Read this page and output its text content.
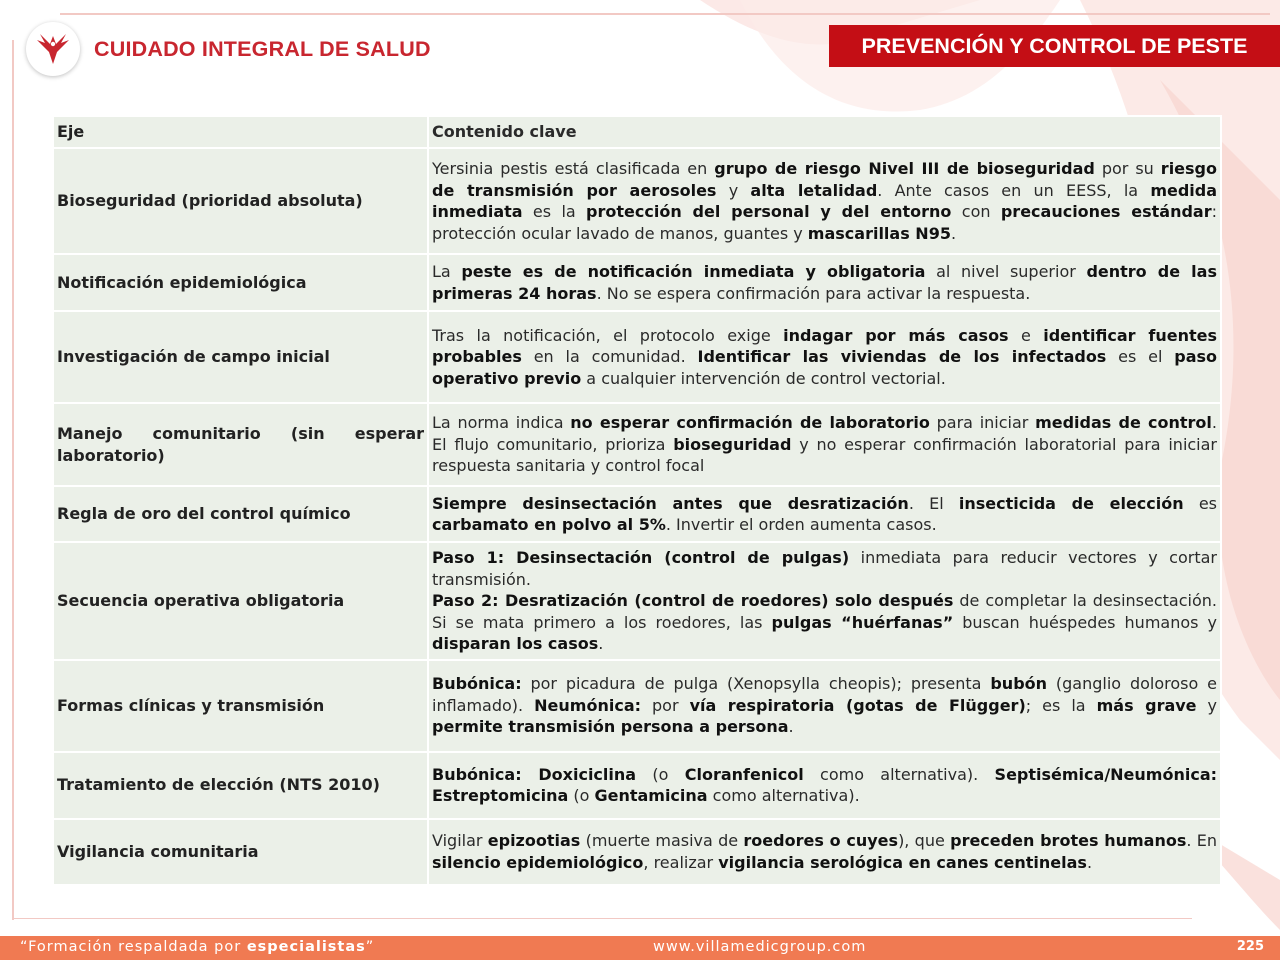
CUIDADO INTEGRAL DE SALUD	PREVENCIÓN Y CONTROL DE PESTE
Eje	Contenido clave
Bioseguridad (prioridad absoluta)	Yersinia pestis está clasificada en grupo de riesgo Nivel III de bioseguridad por su riesgo de transmisión por aerosoles y alta letalidad. Ante casos en un EESS, la medida inmediata es la protección del personal y del entorno con precauciones estándar: protección ocular lavado de manos, guantes y mascarillas N95.
Notificación epidemiológica	La peste es de notificación inmediata y obligatoria al nivel superior dentro de las primeras 24 horas. No se espera confirmación para activar la respuesta.
Investigación de campo inicial	Tras la notificación, el protocolo exige indagar por más casos e identificar fuentes probables en la comunidad. Identificar las viviendas de los infectados es el paso operativo previo a cualquier intervención de control vectorial.
Manejo comunitario (sin esperar laboratorio)	La norma indica no esperar confirmación de laboratorio para iniciar medidas de control. El flujo comunitario, prioriza bioseguridad y no esperar confirmación laboratorial para iniciar respuesta sanitaria y control focal
Regla de oro del control químico	Siempre desinsectación antes que desratización. El insecticida de elección es carbamato en polvo al 5%. Invertir el orden aumenta casos.
Secuencia operativa obligatoria	Paso 1: Desinsectación (control de pulgas) inmediata para reducir vectores y cortar transmisión.
Paso 2: Desratización (control de roedores) solo después de completar la desinsectación. Si se mata primero a los roedores, las pulgas “huérfanas” buscan huéspedes humanos y disparan los casos.

Formas clínicas y transmisión	Bubónica: por picadura de pulga (Xenopsylla cheopis); presenta bubón (ganglio doloroso e inflamado). Neumónica: por vía respiratoria (gotas de Flügger); es la más grave y permite transmisión persona a persona.
Tratamiento de elección (NTS 2010)	Bubónica: Doxiciclina (o Cloranfenicol como alternativa). Septisémica/Neumónica: Estreptomicina (o Gentamicina como alternativa).
Vigilancia comunitaria	Vigilar epizootias (muerte masiva de roedores o cuyes), que preceden brotes humanos. En silencio epidemiológico, realizar vigilancia serológica en canes centinelas.
“Formación respaldada por especialistas”	www.villamedicgroup.com	225
